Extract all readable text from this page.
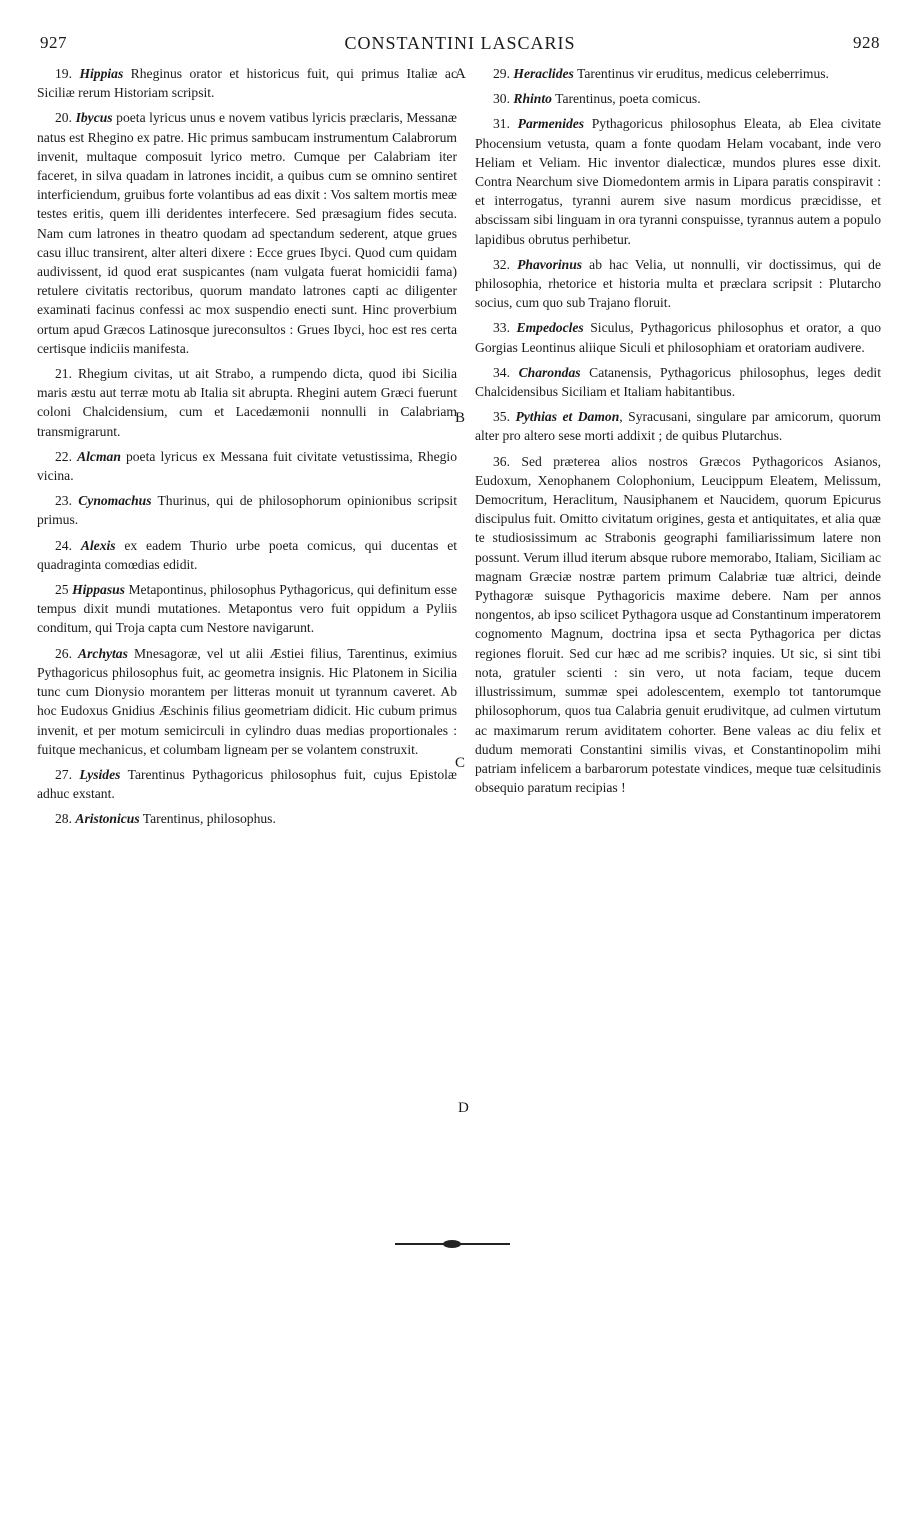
927	CONSTANTINI LASCARIS	928

19. Hippias Rheginus orator et historicus fuit, qui primus Italiæ ac Siciliæ rerum Historiam scripsit.

20. Ibycus poeta lyricus unus e novem vatibus lyricis præclaris, Messanæ natus est Rhegino ex patre. Hic primus sambucam instrumentum Calabrorum invenit, multaque composuit lyrico metro. Cumque per Calabriam iter faceret, in silva quadam in latrones incidit, a quibus cum se omnino sentiret interficiendum, gruibus forte volantibus ad eas dixit : Vos saltem mortis meæ testes eritis, quem illi deridentes interfecere. Sed præsagium fides secuta. Nam cum latrones in theatro quodam ad spectandum sederent, atque grues casu illuc transirent, alter alteri dixere : Ecce grues Ibyci. Quod cum quidam audivissent, id quod erat suspicantes (nam vulgata fuerat homicidii fama) retulere civitatis rectoribus, quorum mandato latrones capti ac diligenter examinati facinus confessi ac mox suspendio enecti sunt. Hinc proverbium ortum apud Græcos Latinosque jureconsultos : Grues Ibyci, hoc est res certa certisque indiciis manifesta.

21. Rhegium civitas, ut ait Strabo, a rumpendo dicta, quod ibi Sicilia maris æstu aut terræ motu ab Italia sit abrupta. Rhegini autem Græci fuerunt coloni Chalcidensium, cum et Lacedæmonii nonnulli in Calabriam transmigrarunt.

22. Alcman poeta lyricus ex Messana fuit civitate vetustissima, Rhegio vicina.

23. Cynomachus Thurinus, qui de philosophorum opinionibus scripsit primus.

24. Alexis ex eadem Thurio urbe poeta comicus, qui ducentas et quadraginta comœdias edidit.

25 Hippasus Metapontinus, philosophus Pythagoricus, qui definitum esse tempus dixit mundi mutationes. Metapontus vero fuit oppidum a Pyliis conditum, qui Troja capta cum Nestore navigarunt.

26. Archytas Mnesagoræ, vel ut alii Æstiei filius, Tarentinus, eximius Pythagoricus philosophus fuit, ac geometra insignis. Hic Platonem in Sicilia tunc cum Dionysio morantem per litteras monuit ut tyrannum caveret. Ab hoc Eudoxus Gnidius Æschinis filius geometriam didicit. Hic cubum primus invenit, et per motum semicirculi in cylindro duas medias proportionales : fuitque mechanicus, et columbam ligneam per se volantem construxit.

27. Lysides Tarentinus Pythagoricus philosophus fuit, cujus Epistolæ adhuc exstant.

28. Aristonicus Tarentinus, philosophus.

29. Heraclides Tarentinus vir eruditus, medicus celeberrimus.

30. Rhinto Tarentinus, poeta comicus.

31. Parmenides Pythagoricus philosophus Eleata, ab Elea civitate Phocensium vetusta, quam a fonte quodam Helam vocabant, inde vero Heliam et Veliam. Hic inventor dialecticæ, mundos plures esse dixit. Contra Nearchum sive Diomedontem armis in Lipara paratis conspiravit : et interrogatus, tyranni aurem sive nasum mordicus præcidisse, et abscissam sibi linguam in ora tyranni conspuisse, tyrannus autem a populo lapidibus obrutus perhibetur.

32. Phavorinus ab hac Velia, ut nonnulli, vir doctissimus, qui de philosophia, rhetorice et historia multa et præclara scripsit : Plutarcho socius, cum quo sub Trajano floruit.

33. Empedocles Siculus, Pythagoricus philosophus et orator, a quo Gorgias Leontinus aliique Siculi et philosophiam et oratoriam audivere.

34. Charondas Catanensis, Pythagoricus philosophus, leges dedit Chalcidensibus Siciliam et Italiam habitantibus.

35. Pythias et Damon, Syracusani, singulare par amicorum, quorum alter pro altero sese morti addixit ; de quibus Plutarchus.

36. Sed præterea alios nostros Græcos Pythagoricos Asianos, Eudoxum, Xenophanem Colophonium, Leucippum Eleatem, Melissum, Democritum, Heraclitum, Nausiphanem et Naucidem, quorum Epicurus discipulus fuit. Omitto civitatum origines, gesta et antiquitates, et alia quæ te studiosissimum ac Strabonis geographi familiarissimum latere non possunt. Verum illud iterum absque rubore memorabo, Italiam, Siciliam ac magnam Græciæ nostræ partem primum Calabriæ tuæ altrici, deinde Pythagoræ suisque Pythagoricis maxime debere. Nam per annos nongentos, ab ipso scilicet Pythagora usque ad Constantinum imperatorem cognomento Magnum, doctrina ipsa et secta Pythagorica per dictas regiones floruit. Sed cur hæc ad me scribis? inquies. Ut sic, si sint tibi nota, gratuler scienti : sin vero, ut nota faciam, teque ducem illustrissimum, summæ spei adolescentem, exemplo tot tantorumque philosophorum, quos tua Calabria genuit erudivitque, ad culmen virtutum ac maximarum rerum aviditatem cohorter. Bene valeas ac diu felix et dudum memorati Constantini similis vivas, et Constantinopolim mihi patriam infelicem a barbarorum potestate vindices, meque tuæ celsitudinis obsequio paratum recipias !

A
B
C
D
